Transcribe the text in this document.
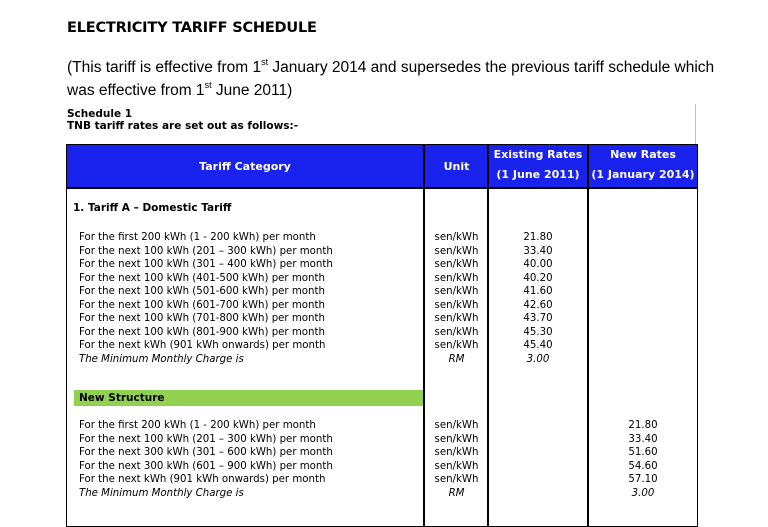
ELECTRICITY TARIFF SCHEDULE
(This tariff is effective from 1st January 2014 and supersedes the previous tariff schedule which was effective from 1st June 2011)
Schedule 1
TNB tariff rates are set out as follows:-
Tariff Category	Unit
Existing Rates
(1 June 2011)
New Rates
(1 January 2014)
1. Tariff A – Domestic Tariff
For the first 200 kWh (1 - 200 kWh) per month
For the next 100 kWh (201 – 300 kWh) per month
For the next 100 kWh (301 – 400 kWh) per month
For the next 100 kWh (401-500 kWh) per month
For the next 100 kWh (501-600 kWh) per month
For the next 100 kWh (601-700 kWh) per month
For the next 100 kWh (701-800 kWh) per month
For the next 100 kWh (801-900 kWh) per month
For the next kWh (901 kWh onwards) per month
The Minimum Monthly Charge is
sen/kWh
sen/kWh
sen/kWh
sen/kWh
sen/kWh
sen/kWh
sen/kWh
sen/kWh
sen/kWh
RM
21.80
33.40
40.00
40.20
41.60
42.60
43.70
45.30
45.40
3.00
New Structure
For the first 200 kWh (1 - 200 kWh) per month
For the next 100 kWh (201 – 300 kWh) per month
For the next 300 kWh (301 – 600 kWh) per month
For the next 300 kWh (601 – 900 kWh) per month
For the next kWh (901 kWh onwards) per month
The Minimum Monthly Charge is
sen/kWh
sen/kWh
sen/kWh
sen/kWh
sen/kWh
RM
21.80
33.40
51.60
54.60
57.10
3.00
